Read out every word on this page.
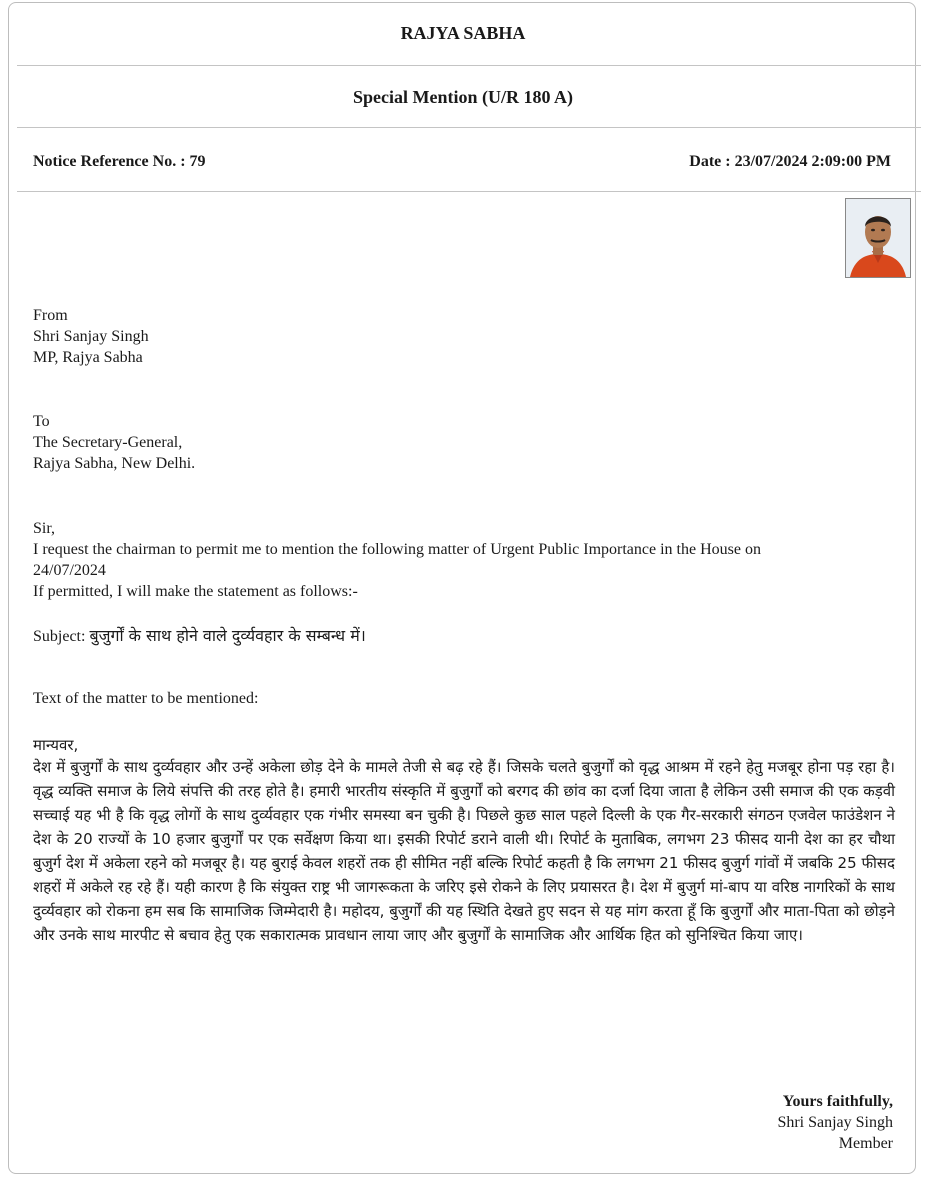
RAJYA SABHA
Special Mention (U/R 180 A)
Notice Reference No. : 79	Date : 23/07/2024 2:09:00 PM
From
Shri Sanjay Singh
MP, Rajya Sabha
To
The Secretary-General,
Rajya Sabha, New Delhi.
Sir,
I request the chairman to permit me to mention the following matter of Urgent Public Importance in the House on
24/07/2024
If permitted, I will make the statement as follows:-
Subject: बुजुर्गों के साथ होने वाले दुर्व्यवहार के सम्बन्ध में।
Text of the matter to be mentioned:
मान्यवर,
देश में बुजुर्गों के साथ दुर्व्यवहार और उन्हें अकेला छोड़ देने के मामले तेजी से बढ़ रहे हैं। जिसके चलते बुजुर्गों को वृद्ध आश्रम में रहने हेतु मजबूर होना पड़ रहा है। वृद्ध व्यक्ति समाज के लिये संपत्ति की तरह होते है। हमारी भारतीय संस्कृति में बुजुर्गों को बरगद की छांव का दर्जा दिया जाता है लेकिन उसी समाज की एक कड़वी सच्चाई यह भी है कि वृद्ध लोगों के साथ दुर्व्यवहार एक गंभीर समस्या बन चुकी है। पिछले कुछ साल पहले दिल्ली के एक गैर-सरकारी संगठन एजवेल फाउंडेशन ने देश के 20 राज्यों के 10 हजार बुजुर्गों पर एक सर्वेक्षण किया था। इसकी रिपोर्ट डराने वाली थी। रिपोर्ट के मुताबिक, लगभग 23 फीसद यानी देश का हर चौथा बुजुर्ग देश में अकेला रहने को मजबूर है। यह बुराई केवल शहरों तक ही सीमित नहीं बल्कि रिपोर्ट कहती है कि लगभग 21 फीसद बुजुर्ग गांवों में जबकि 25 फीसद शहरों में अकेले रह रहे हैं। यही कारण है कि संयुक्त राष्ट्र भी जागरूकता के जरिए इसे रोकने के लिए प्रयासरत है। देश में बुजुर्ग मां-बाप या वरिष्ठ नागरिकों के साथ दुर्व्यवहार को रोकना हम सब कि सामाजिक जिम्मेदारी है। महोदय, बुजुर्गों की यह स्थिति देखते हुए सदन से यह मांग करता हूँ कि बुजुर्गों और माता-पिता को छोड़ने और उनके साथ मारपीट से बचाव हेतु एक सकारात्मक प्रावधान लाया जाए और बुजुर्गों के सामाजिक और आर्थिक हित को सुनिश्चित किया जाए।
Yours faithfully,
Shri Sanjay Singh
Member
